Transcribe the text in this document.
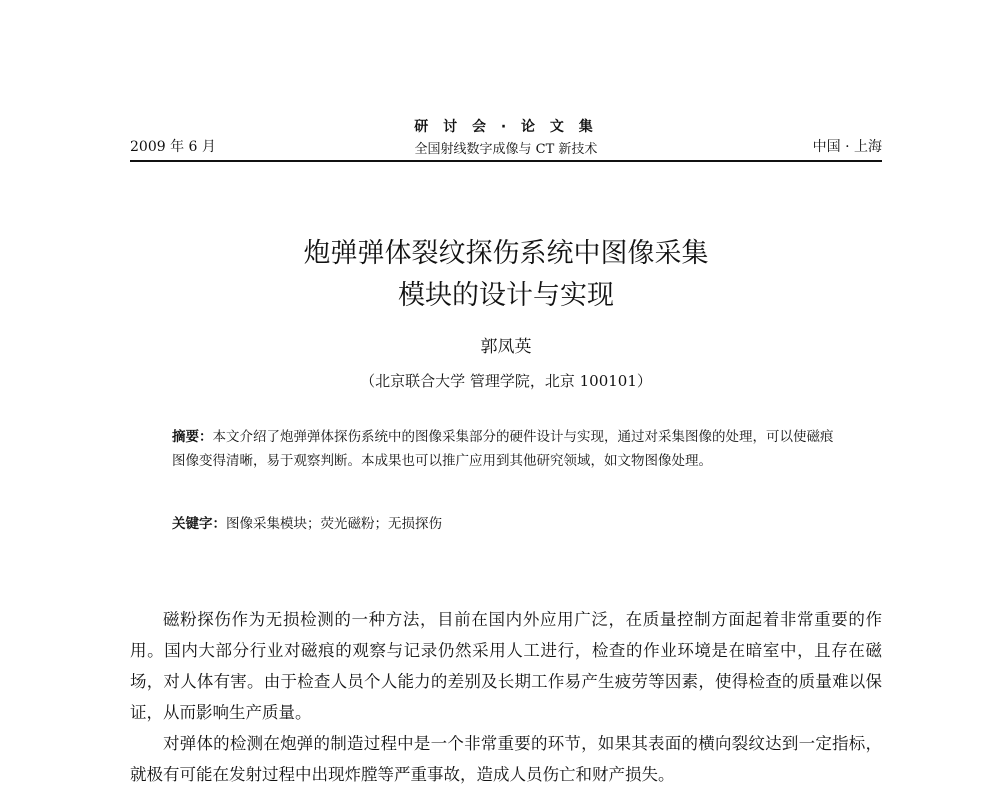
2009 年 6 月
研 讨 会 · 论 文 集
全国射线数字成像与 CT 新技术	中国 · 上海
炮弹弹体裂纹探伤系统中图像采集
模块的设计与实现
郭凤英
（北京联合大学 管理学院，北京 100101）
摘要：本文介绍了炮弹弹体探伤系统中的图像采集部分的硬件设计与实现，通过对采集图像的处理，可以使磁痕图像变得清晰，易于观察判断。本成果也可以推广应用到其他研究领域，如文物图像处理。
关键字：图像采集模块；荧光磁粉；无损探伤

磁粉探伤作为无损检测的一种方法，目前在国内外应用广泛，在质量控制方面起着非常重要的作用。国内大部分行业对磁痕的观察与记录仍然采用人工进行，检查的作业环境是在暗室中，且存在磁场，对人体有害。由于检查人员个人能力的差别及长期工作易产生疲劳等因素，使得检查的质量难以保证，从而影响生产质量。

对弹体的检测在炮弹的制造过程中是一个非常重要的环节，如果其表面的横向裂纹达到一定指标，就极有可能在发射过程中出现炸膛等严重事故，造成人员伤亡和财产损失。
